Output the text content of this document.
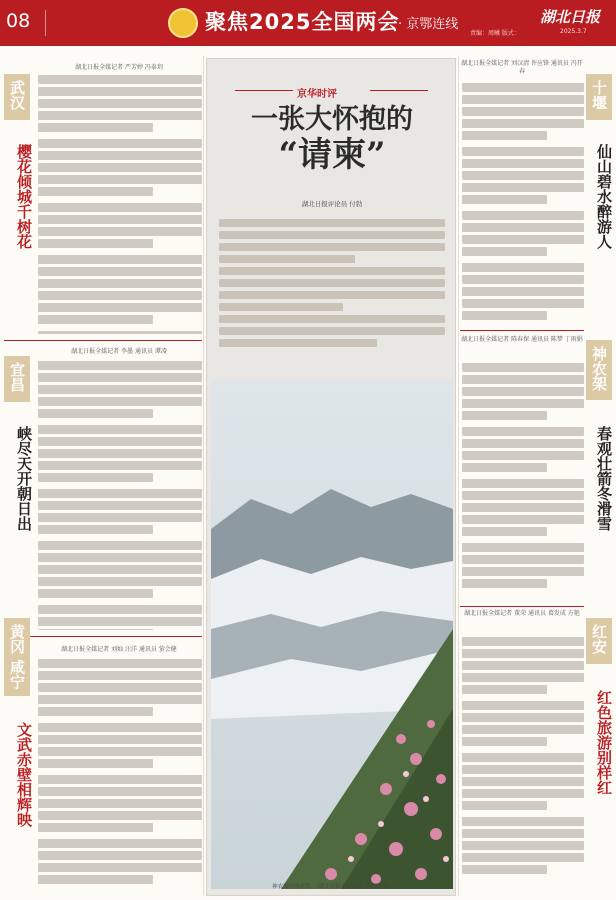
08	聚焦2025全国两会
· 京鄂连线	湖北日报
责编：周曦 版式：	2025.3.7
武汉
樱花倾城千树花
湖北日报全媒记者 严芳婷 冯泰玥
宜昌
峡尽天开朝日出
湖北日报全媒记者 李墨 通讯员 谭凌
黄冈 咸宁
文武赤壁相辉映
湖北日报全媒记者 刘灿 汪洋 通讯员 萤会健
京华时评
一张大怀抱的
“请柬”
湖北日报评论员 付勃
神农顶杜鹃花海。（湖北日报全媒记者 李坪伊 摄）
十堰
仙山碧水醉游人
湖北日报全媒记者 刘汉清 许应锋 通讯员 冯开春
神农架
春观壮箭冬滑雪
湖北日报全媒记者 陈春保 通讯员 陈梦 丁雨娟
红安
红色旅游别样红
湖北日报全媒记者 董荣 通讯员 葛发成 方艳
